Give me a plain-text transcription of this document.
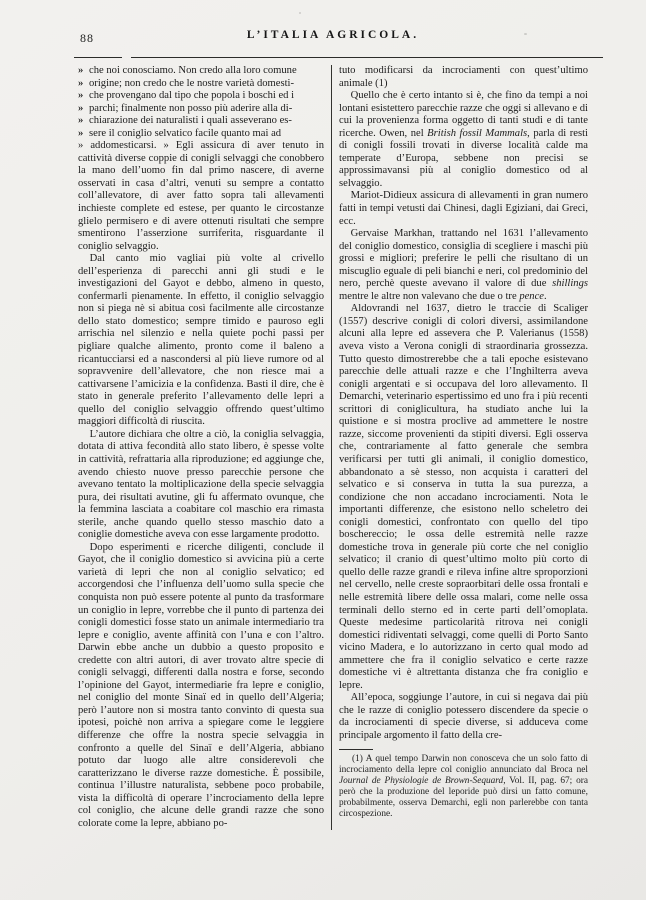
88	L’ITALIA AGRICOLA.

» che noi conosciamo. Non credo alla loro comune

» origine; non credo che le nostre varietà domesti-

» che provengano dal tipo che popola i boschi ed i

» parchi; finalmente non posso più aderire alla di-

» chiarazione dei naturalisti i quali asseverano es-

» sere il coniglio selvatico facile quanto mai ad

» addomesticarsi. » Egli assicura di aver tenuto in cattività diverse coppie di conigli selvaggi che conobbero la mano dell’uomo fin dal primo nascere, di averne osservati in casa d’altri, venuti su sempre a contatto coll’allevatore, di aver fatto sopra tali allevamenti inchieste complete ed estese, per quanto le circostanze glielo permisero e di avere ottenuti risultati che sempre smentirono l’asserzione surriferita, risguardante il coniglio selvaggio.

Dal canto mio vagliai più volte al crivello dell’esperienza di parecchi anni gli studi e le investigazioni del Gayot e debbo, almeno in questo, confermarli pienamente. In effetto, il coniglio selvaggio non si piega nè si abitua così facilmente alle circostanze dello stato domestico; sempre timido e pauroso egli arrischia nel silenzio e nella quiete pochi passi per pigliare qualche alimento, pronto come il baleno a ricantucciarsi ed a nascondersi al più lieve rumore od al sopravvenire dell’allevatore, che non riesce mai a cattivarsene l’amicizia e la confidenza. Basti il dire, che è stato in generale preferito l’allevamento delle lepri a quello del coniglio selvaggio offrendo quest’ultimo maggiori difficoltà di riuscita.

L’autore dichiara che oltre a ciò, la coniglia selvaggia, dotata di attiva fecondità allo stato libero, è spesse volte in cattività, refrattaria alla riproduzione; ed aggiunge che, avendo chiesto nuove presso parecchie persone che avevano tentato la moltiplicazione della specie selvaggia pura, dei risultati avutine, gli fu affermato ovunque, che la femmina lasciata a coabitare col maschio era rimasta sterile, anche quando quello stesso maschio dato a coniglie domestiche aveva con esse largamente prodotto.

Dopo esperimenti e ricerche diligenti, conclude il Gayot, che il coniglio domestico si avvicina più a certe varietà di lepri che non al coniglio selvatico; ed accorgendosi che l’influenza dell’uomo sulla specie che conquista non può essere potente al punto da trasformare un coniglio in lepre, vorrebbe che il punto di partenza dei conigli domestici fosse stato un animale intermediario tra lepre e coniglio, avente affinità con l’una e con l’altro. Darwin ebbe anche un dubbio a questo proposito e credette con altri autori, di aver trovato altre specie di conigli selvaggi, differenti dalla nostra e forse, secondo l’opinione del Gayot, intermediarie fra lepre e coniglio, nel coniglio del monte Sinaï ed in quello dell’Algeria; però l’autore non si mostra tanto convinto di questa sua ipotesi, poichè non arriva a spiegare come le leggiere differenze che offre la nostra specie selvaggia in confronto a quelle del Sinaï e dell’Algeria, abbiano potuto dar luogo alle altre considerevoli che caratterizzano le diverse razze domestiche. È possibile, continua l’illustre naturalista, sebbene poco probabile, vista la difficoltà di operare l’incrociamento della lepre col coniglio, che alcune delle grandi razze che sono colorate come la lepre, abbiano po-

tuto modificarsi da incrociamenti con quest’ultimo animale (1)

Quello che è certo intanto si è, che fino da tempi a noi lontani esistettero parecchie razze che oggi si allevano e di cui la provenienza forma oggetto di tanti studi e di tante ricerche. Owen, nel British fossil Mammals, parla di resti di conigli fossili trovati in diverse località calde ma temperate d’Europa, sebbene non precisi se approssimavansi più al coniglio domestico od al selvaggio.

Mariot-Didieux assicura di allevamenti in gran numero fatti in tempi vetusti dai Chinesi, dagli Egiziani, dai Greci, ecc.

Gervaise Markhan, trattando nel 1631 l’allevamento del coniglio domestico, consiglia di scegliere i maschi più grossi e migliori; preferire le pelli che risultano di un miscuglio eguale di peli bianchi e neri, col predominio del nero, perchè queste avevano il valore di due shillings mentre le altre non valevano che due o tre pence.

Aldovrandi nel 1637, dietro le traccie di Scaliger (1557) descrive conigli di colori diversi, assimilandone alcuni alla lepre ed assevera che P. Valerianus (1558) aveva visto a Verona conigli di straordinaria grossezza. Tutto questo dimostrerebbe che a tali epoche esistevano parecchie delle attuali razze e che l’Inghilterra aveva conigli argentati e si occupava del loro allevamento. Il Demarchi, veterinario espertissimo ed uno fra i più recenti scrittori di coniglicultura, ha studiato anche lui la quistione e si mostra proclive ad ammettere le nostre razze, siccome provenienti da stipiti diversi. Egli osserva che, contrariamente al fatto generale che sembra verificarsi per tutti gli animali, il coniglio domestico, abbandonato a sè stesso, non acquista i caratteri del selvatico e si conserva in tutta la sua purezza, a condizione che non accadano incrociamenti. Nota le importanti differenze, che esistono nello scheletro dei conigli domestici, confrontato con quello del tipo boschereccio; le ossa delle estremità nelle razze domestiche trova in generale più corte che nel coniglio selvatico; il cranio di quest’ultimo molto più corto di quello delle razze grandi e rileva infine altre sproporzioni nel cervello, nelle creste sopraorbitari delle ossa frontali e nelle estremità libere delle ossa malari, come nelle ossa terminali dello sterno ed in certe parti dell’omoplata. Queste medesime particolarità ritrova nei conigli domestici ridiventati selvaggi, come quelli di Porto Santo vicino Madera, e lo autorizzano in certo qual modo ad ammettere che fra il coniglio selvatico e certe razze domestiche vi è altrettanta distanza che fra coniglio e lepre.

All’epoca, soggiunge l’autore, in cui si negava dai più che le razze di coniglio potessero discendere da specie o da incrociamenti di specie diverse, si adduceva come principale argomento il fatto della cre-

(1) A quel tempo Darwin non conosceva che un solo fatto di incrociamento della lepre col coniglio annunciato dal Broca nel Journal de Physiologie de Brown-Sequard, Vol. II, pag. 67; ora però che la produzione del leporide può dirsi un fatto comune, probabilmente, osserva Demarchi, egli non parlerebbe con tanta circospezione.
